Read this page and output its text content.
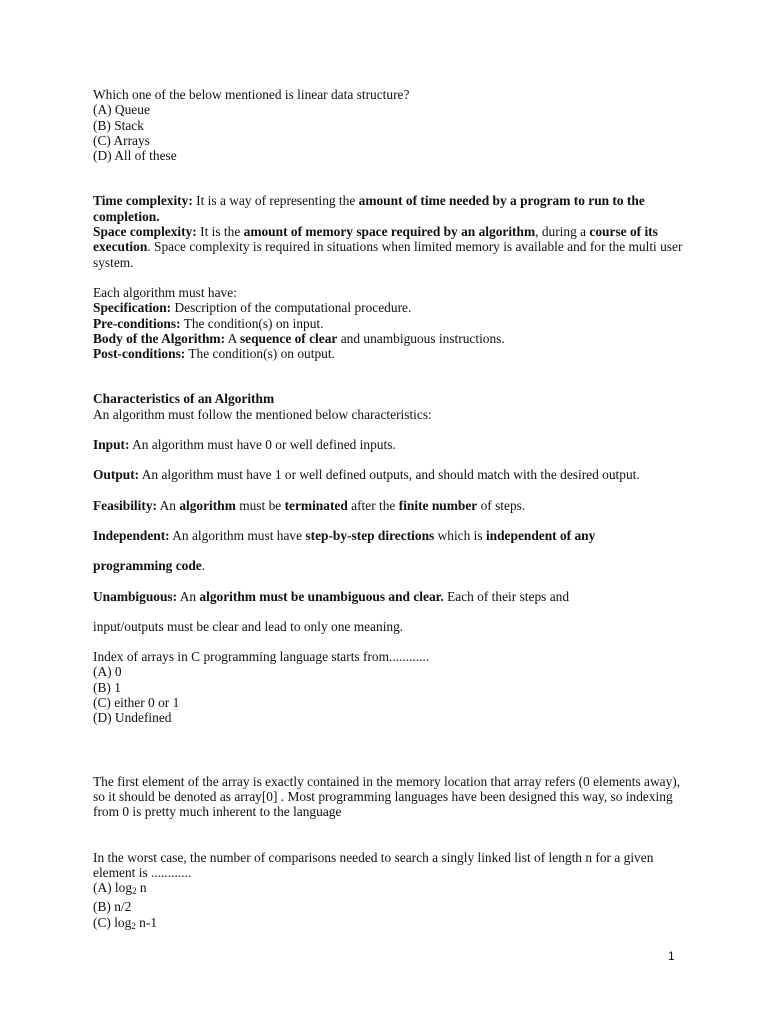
Which one of the below mentioned is linear data structure?
(A) Queue
(B) Stack
(C) Arrays
(D) All of these
Time complexity: It is a way of representing the amount of time needed by a program to run to the completion.
Space complexity: It is the amount of memory space required by an algorithm, during a course of its execution. Space complexity is required in situations when limited memory is available and for the multi user system.
Each algorithm must have:
Specification: Description of the computational procedure.
Pre-conditions: The condition(s) on input.
Body of the Algorithm: A sequence of clear and unambiguous instructions.
Post-conditions: The condition(s) on output.
Characteristics of an Algorithm
An algorithm must follow the mentioned below characteristics:
Input: An algorithm must have 0 or well defined inputs.
Output: An algorithm must have 1 or well defined outputs, and should match with the desired output.
Feasibility: An algorithm must be terminated after the finite number of steps.
Independent: An algorithm must have step-by-step directions which is independent of any
programming code.
Unambiguous: An algorithm must be unambiguous and clear. Each of their steps and
input/outputs must be clear and lead to only one meaning.
Index of arrays in C programming language starts from............
(A) 0
(B) 1
(C) either 0 or 1
(D) Undefined
The first element of the array is exactly contained in the memory location that array refers (0 elements away), so it should be denoted as array[0] . Most programming languages have been designed this way, so indexing from 0 is pretty much inherent to the language
In the worst case, the number of comparisons needed to search a singly linked list of length n for a given element is ............
(A) $\log_2 n$
(B) n/2
(C) $\log_2 n-1$
1
